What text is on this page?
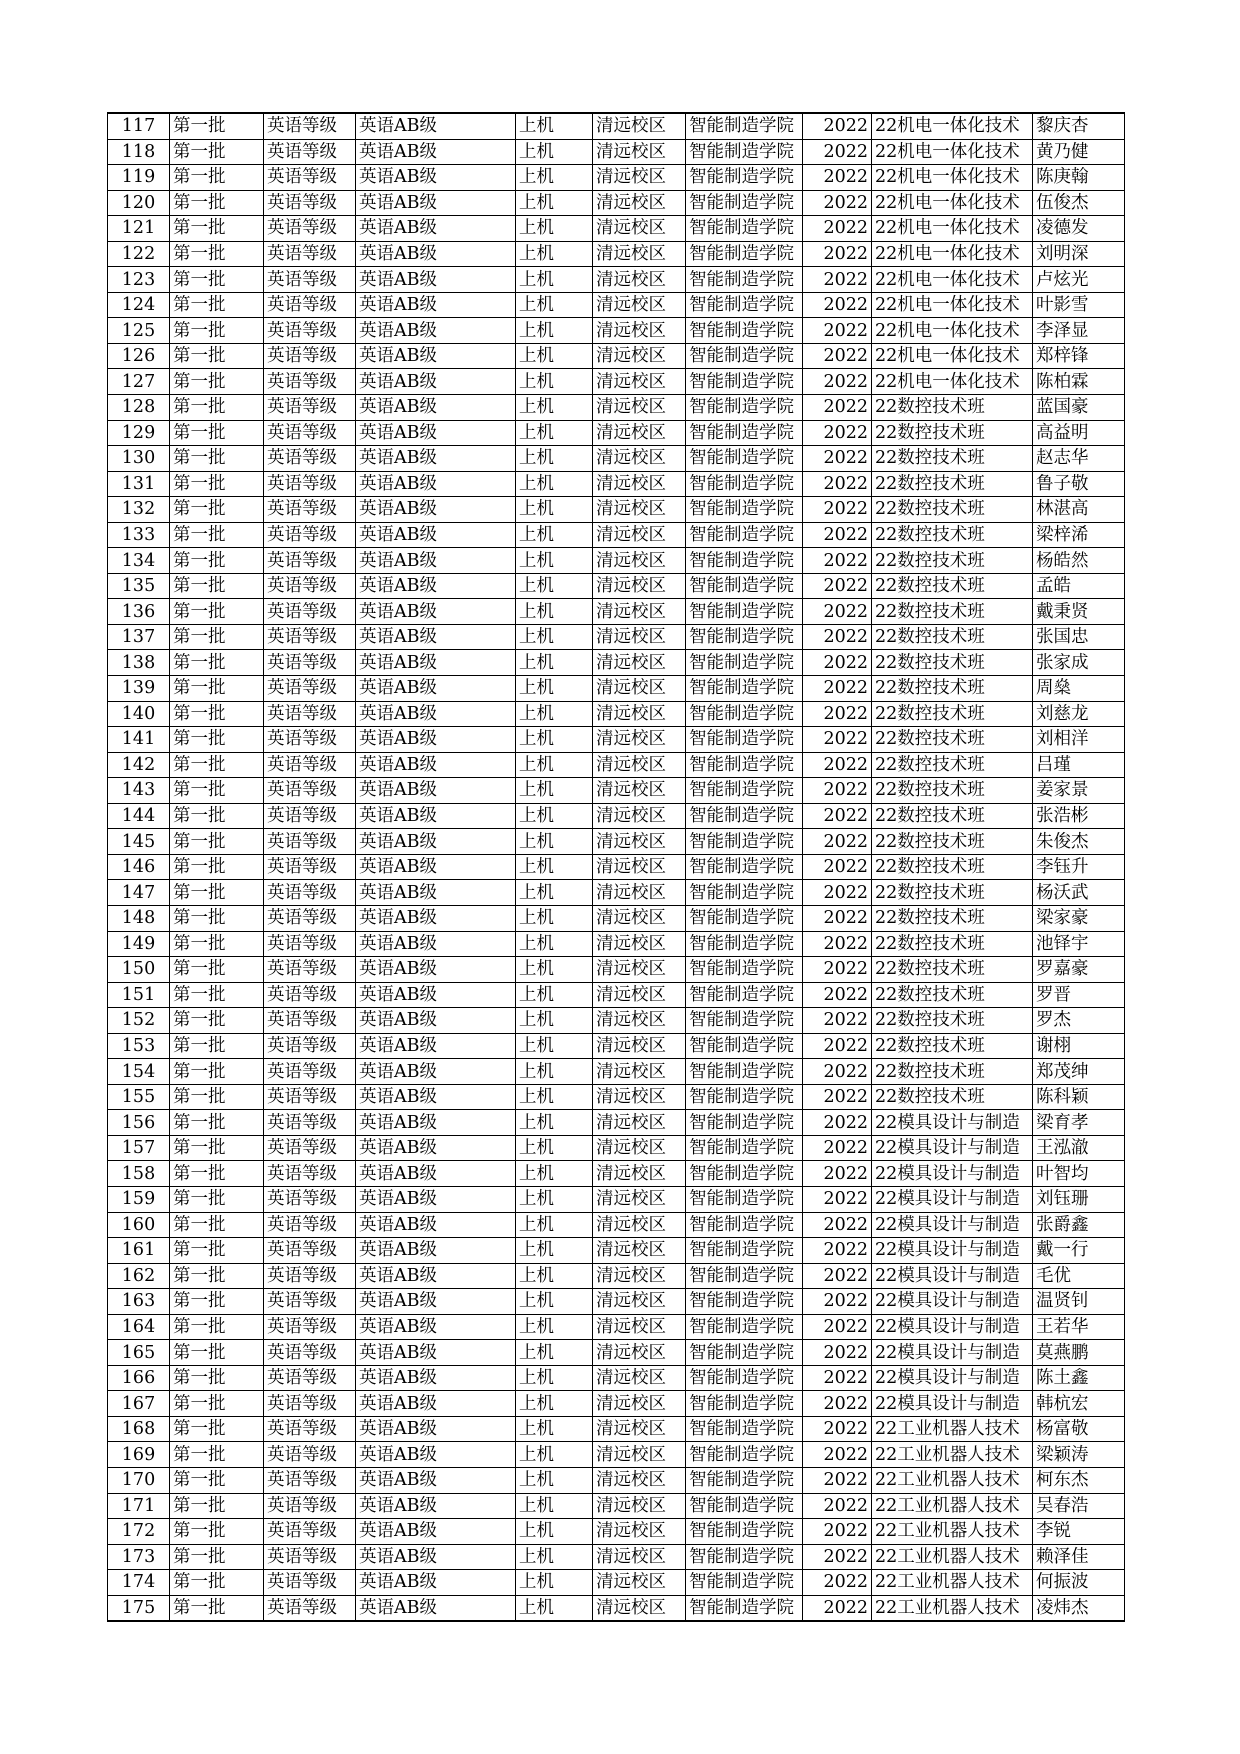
117	第一批	英语等级	英语AB级	上机	清远校区	智能制造学院	2022	22机电一体化技术	黎庆杏
118	第一批	英语等级	英语AB级	上机	清远校区	智能制造学院	2022	22机电一体化技术	黄乃健
119	第一批	英语等级	英语AB级	上机	清远校区	智能制造学院	2022	22机电一体化技术	陈庚翰
120	第一批	英语等级	英语AB级	上机	清远校区	智能制造学院	2022	22机电一体化技术	伍俊杰
121	第一批	英语等级	英语AB级	上机	清远校区	智能制造学院	2022	22机电一体化技术	凌德发
122	第一批	英语等级	英语AB级	上机	清远校区	智能制造学院	2022	22机电一体化技术	刘明深
123	第一批	英语等级	英语AB级	上机	清远校区	智能制造学院	2022	22机电一体化技术	卢炫光
124	第一批	英语等级	英语AB级	上机	清远校区	智能制造学院	2022	22机电一体化技术	叶影雪
125	第一批	英语等级	英语AB级	上机	清远校区	智能制造学院	2022	22机电一体化技术	李泽显
126	第一批	英语等级	英语AB级	上机	清远校区	智能制造学院	2022	22机电一体化技术	郑梓锋
127	第一批	英语等级	英语AB级	上机	清远校区	智能制造学院	2022	22机电一体化技术	陈柏霖
128	第一批	英语等级	英语AB级	上机	清远校区	智能制造学院	2022	22数控技术班	蓝国豪
129	第一批	英语等级	英语AB级	上机	清远校区	智能制造学院	2022	22数控技术班	高益明
130	第一批	英语等级	英语AB级	上机	清远校区	智能制造学院	2022	22数控技术班	赵志华
131	第一批	英语等级	英语AB级	上机	清远校区	智能制造学院	2022	22数控技术班	鲁子敬
132	第一批	英语等级	英语AB级	上机	清远校区	智能制造学院	2022	22数控技术班	林湛高
133	第一批	英语等级	英语AB级	上机	清远校区	智能制造学院	2022	22数控技术班	梁梓浠
134	第一批	英语等级	英语AB级	上机	清远校区	智能制造学院	2022	22数控技术班	杨皓然
135	第一批	英语等级	英语AB级	上机	清远校区	智能制造学院	2022	22数控技术班	孟皓
136	第一批	英语等级	英语AB级	上机	清远校区	智能制造学院	2022	22数控技术班	戴秉贤
137	第一批	英语等级	英语AB级	上机	清远校区	智能制造学院	2022	22数控技术班	张国忠
138	第一批	英语等级	英语AB级	上机	清远校区	智能制造学院	2022	22数控技术班	张家成
139	第一批	英语等级	英语AB级	上机	清远校区	智能制造学院	2022	22数控技术班	周燊
140	第一批	英语等级	英语AB级	上机	清远校区	智能制造学院	2022	22数控技术班	刘慈龙
141	第一批	英语等级	英语AB级	上机	清远校区	智能制造学院	2022	22数控技术班	刘相洋
142	第一批	英语等级	英语AB级	上机	清远校区	智能制造学院	2022	22数控技术班	吕瑾
143	第一批	英语等级	英语AB级	上机	清远校区	智能制造学院	2022	22数控技术班	姜家景
144	第一批	英语等级	英语AB级	上机	清远校区	智能制造学院	2022	22数控技术班	张浩彬
145	第一批	英语等级	英语AB级	上机	清远校区	智能制造学院	2022	22数控技术班	朱俊杰
146	第一批	英语等级	英语AB级	上机	清远校区	智能制造学院	2022	22数控技术班	李钰升
147	第一批	英语等级	英语AB级	上机	清远校区	智能制造学院	2022	22数控技术班	杨沃武
148	第一批	英语等级	英语AB级	上机	清远校区	智能制造学院	2022	22数控技术班	梁家豪
149	第一批	英语等级	英语AB级	上机	清远校区	智能制造学院	2022	22数控技术班	池铎宇
150	第一批	英语等级	英语AB级	上机	清远校区	智能制造学院	2022	22数控技术班	罗嘉豪
151	第一批	英语等级	英语AB级	上机	清远校区	智能制造学院	2022	22数控技术班	罗晋
152	第一批	英语等级	英语AB级	上机	清远校区	智能制造学院	2022	22数控技术班	罗杰
153	第一批	英语等级	英语AB级	上机	清远校区	智能制造学院	2022	22数控技术班	谢栩
154	第一批	英语等级	英语AB级	上机	清远校区	智能制造学院	2022	22数控技术班	郑茂绅
155	第一批	英语等级	英语AB级	上机	清远校区	智能制造学院	2022	22数控技术班	陈科颖
156	第一批	英语等级	英语AB级	上机	清远校区	智能制造学院	2022	22模具设计与制造	梁育孝
157	第一批	英语等级	英语AB级	上机	清远校区	智能制造学院	2022	22模具设计与制造	王泓澈
158	第一批	英语等级	英语AB级	上机	清远校区	智能制造学院	2022	22模具设计与制造	叶智均
159	第一批	英语等级	英语AB级	上机	清远校区	智能制造学院	2022	22模具设计与制造	刘钰珊
160	第一批	英语等级	英语AB级	上机	清远校区	智能制造学院	2022	22模具设计与制造	张爵鑫
161	第一批	英语等级	英语AB级	上机	清远校区	智能制造学院	2022	22模具设计与制造	戴一行
162	第一批	英语等级	英语AB级	上机	清远校区	智能制造学院	2022	22模具设计与制造	毛优
163	第一批	英语等级	英语AB级	上机	清远校区	智能制造学院	2022	22模具设计与制造	温贤钊
164	第一批	英语等级	英语AB级	上机	清远校区	智能制造学院	2022	22模具设计与制造	王若华
165	第一批	英语等级	英语AB级	上机	清远校区	智能制造学院	2022	22模具设计与制造	莫燕鹏
166	第一批	英语等级	英语AB级	上机	清远校区	智能制造学院	2022	22模具设计与制造	陈土鑫
167	第一批	英语等级	英语AB级	上机	清远校区	智能制造学院	2022	22模具设计与制造	韩杭宏
168	第一批	英语等级	英语AB级	上机	清远校区	智能制造学院	2022	22工业机器人技术	杨富敬
169	第一批	英语等级	英语AB级	上机	清远校区	智能制造学院	2022	22工业机器人技术	梁颖涛
170	第一批	英语等级	英语AB级	上机	清远校区	智能制造学院	2022	22工业机器人技术	柯东杰
171	第一批	英语等级	英语AB级	上机	清远校区	智能制造学院	2022	22工业机器人技术	吴春浩
172	第一批	英语等级	英语AB级	上机	清远校区	智能制造学院	2022	22工业机器人技术	李锐
173	第一批	英语等级	英语AB级	上机	清远校区	智能制造学院	2022	22工业机器人技术	赖泽佳
174	第一批	英语等级	英语AB级	上机	清远校区	智能制造学院	2022	22工业机器人技术	何振波
175	第一批	英语等级	英语AB级	上机	清远校区	智能制造学院	2022	22工业机器人技术	凌炜杰
